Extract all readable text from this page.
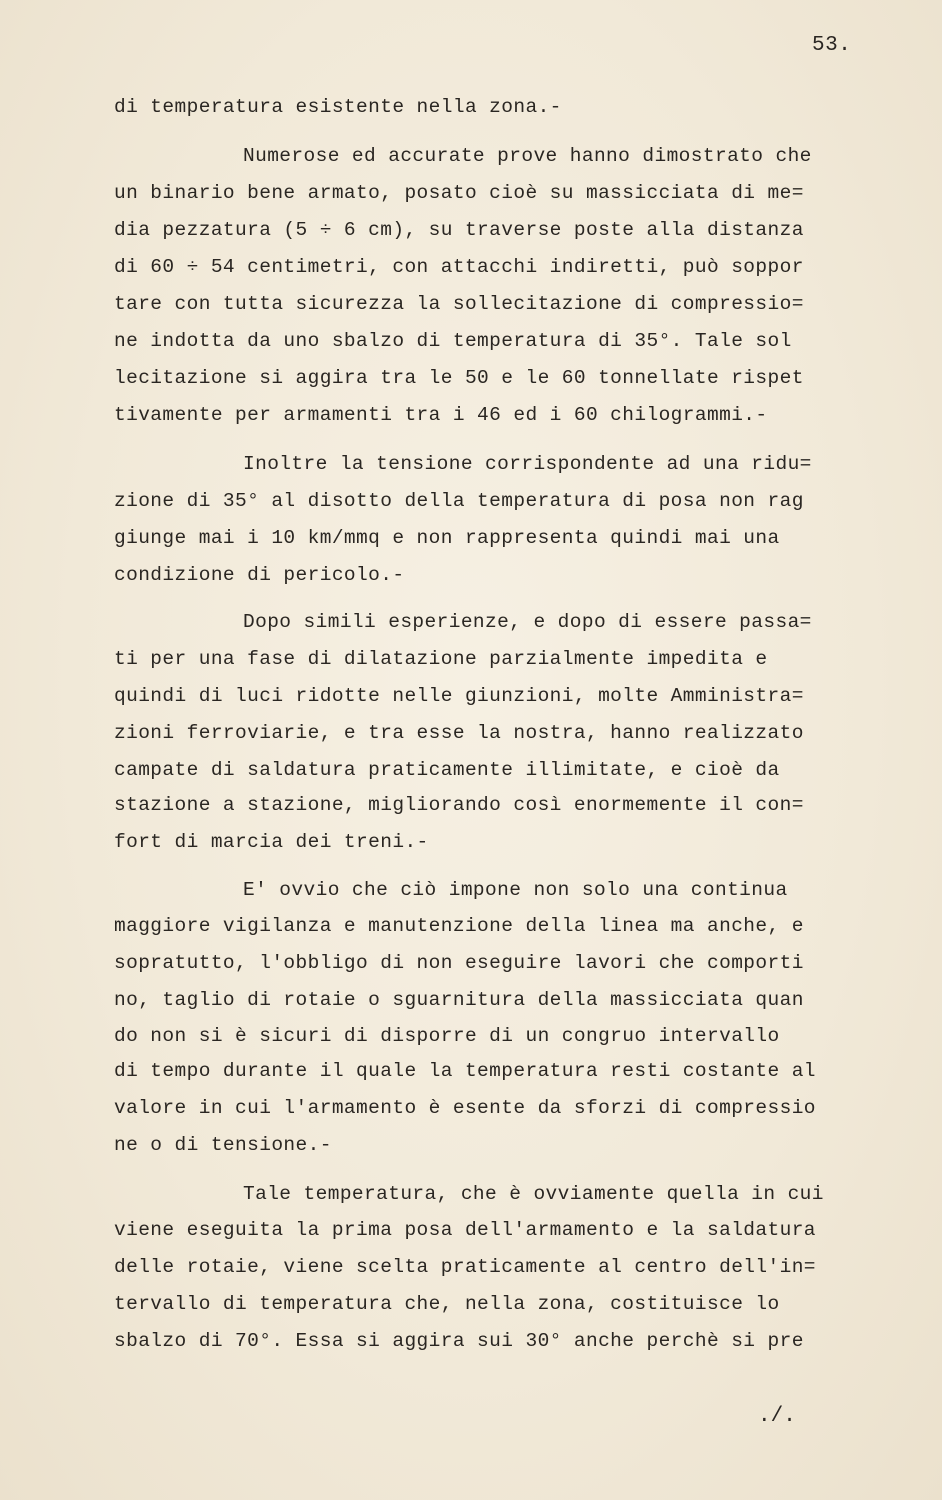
53.
di temperatura esistente nella zona.-
Numerose ed accurate prove hanno dimostrato che
un binario bene armato, posato cioè su massicciata di me=
dia pezzatura (5 ÷ 6 cm), su traverse poste alla distanza
di 60 ÷ 54 centimetri, con attacchi indiretti, può soppor
tare con tutta sicurezza la sollecitazione di compressio=
ne indotta da uno sbalzo di temperatura di 35°. Tale sol
lecitazione si aggira tra le 50 e le 60 tonnellate rispet
tivamente per armamenti tra i 46 ed i 60 chilogrammi.-
Inoltre la tensione corrispondente ad una ridu=
zione di 35° al disotto della temperatura di posa non rag
giunge mai i 10 km/mmq e non rappresenta quindi mai una
condizione di pericolo.-
Dopo simili esperienze, e dopo di essere passa=
ti per una fase di dilatazione parzialmente impedita e
quindi di luci ridotte nelle giunzioni, molte Amministra=
zioni ferroviarie, e tra esse la nostra, hanno realizzato
campate di saldatura praticamente illimitate, e cioè da
stazione a stazione, migliorando così enormemente il con=
fort di marcia dei treni.-
E' ovvio che ciò impone non solo una continua
maggiore vigilanza e manutenzione della linea ma anche, e
sopratutto, l'obbligo di non eseguire lavori che comporti
no, taglio di rotaie o sguarnitura della massicciata quan
do non si è sicuri di disporre di un congruo intervallo
di tempo durante il quale la temperatura resti costante al
valore in cui l'armamento è esente da sforzi di compressio
ne o di tensione.-
Tale temperatura, che è ovviamente quella in cui
viene eseguita la prima posa dell'armamento e la saldatura
delle rotaie, viene scelta praticamente al centro dell'in=
tervallo di temperatura che, nella zona, costituisce lo
sbalzo di 70°. Essa si aggira sui 30° anche perchè si pre
./.
